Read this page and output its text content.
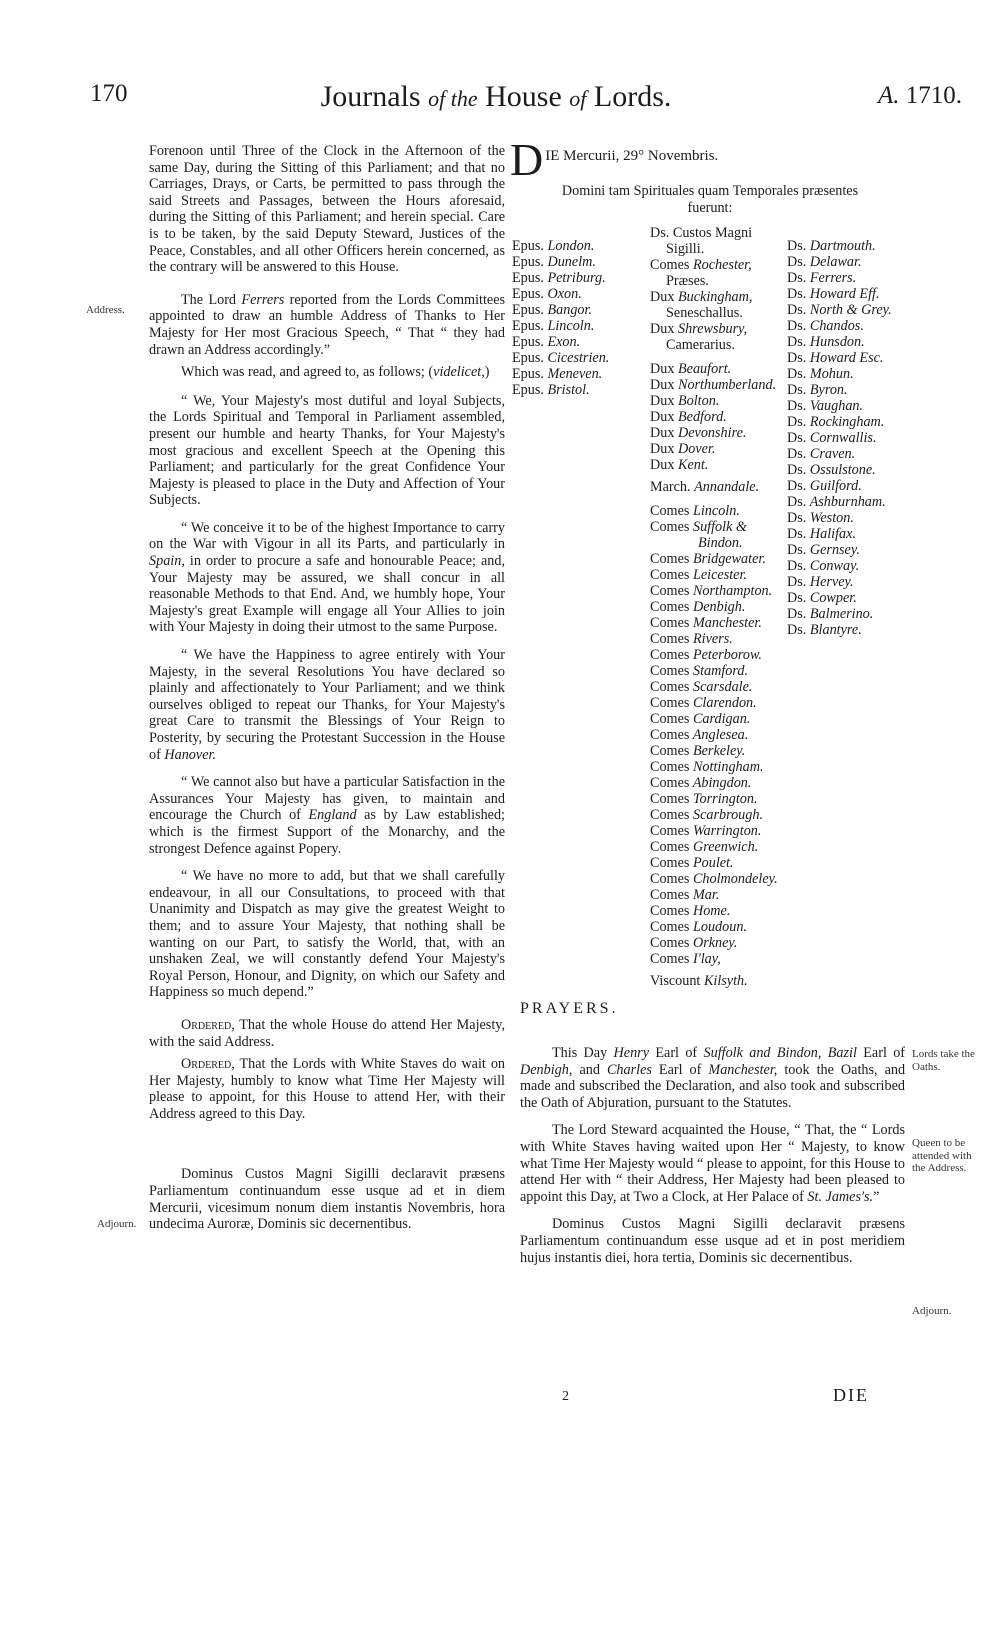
170	Journals of the House of Lords.	A. 1710.
Address.
Adjourn.

Forenoon until Three of the Clock in the Afternoon of the same Day, during the Sitting of this Parliament; and that no Carriages, Drays, or Carts, be permitted to pass through the said Streets and Passages, between the Hours aforesaid, during the Sitting of this Parliament; and herein special. Care is to be taken, by the said Deputy Steward, Justices of the Peace, Constables, and all other Officers herein concerned, as the contrary will be answered to this House.

The Lord Ferrers reported from the Lords Committees appointed to draw an humble Address of Thanks to Her Majesty for Her most Gracious Speech, “ That “ they had drawn an Address accordingly.”

Which was read, and agreed to, as follows; (videlicet,)

“ We, Your Majesty's most dutiful and loyal Subjects, the Lords Spiritual and Temporal in Parliament assembled, present our humble and hearty Thanks, for Your Majesty's most gracious and excellent Speech at the Opening this Parliament; and particularly for the great Confidence Your Majesty is pleased to place in the Duty and Affection of Your Subjects.

“ We conceive it to be of the highest Importance to carry on the War with Vigour in all its Parts, and particularly in Spain, in order to procure a safe and honourable Peace; and, Your Majesty may be assured, we shall concur in all reasonable Methods to that End. And, we humbly hope, Your Majesty's great Example will engage all Your Allies to join with Your Majesty in doing their utmost to the same Purpose.

“ We have the Happiness to agree entirely with Your Majesty, in the several Resolutions You have declared so plainly and affectionately to Your Parliament; and we think ourselves obliged to repeat our Thanks, for Your Majesty's great Care to transmit the Blessings of Your Reign to Posterity, by securing the Protestant Succession in the House of Hanover.

“ We cannot also but have a particular Satisfaction in the Assurances Your Majesty has given, to maintain and encourage the Church of England as by Law established; which is the firmest Support of the Monarchy, and the strongest Defence against Popery.

“ We have no more to add, but that we shall carefully endeavour, in all our Consultations, to proceed with that Unanimity and Dispatch as may give the greatest Weight to them; and to assure Your Majesty, that nothing shall be wanting on our Part, to satisfy the World, that, with an unshaken Zeal, we will constantly defend Your Majesty's Royal Person, Honour, and Dignity, on which our Safety and Happiness so much depend.”

Ordered, That the whole House do attend Her Majesty, with the said Address.

Ordered, That the Lords with White Staves do wait on Her Majesty, humbly to know what Time Her Majesty will please to appoint, for this House to attend Her, with their Address agreed to this Day.

Dominus Custos Magni Sigilli declaravit præsens Parliamentum continuandum esse usque ad et in diem Mercurii, vicesimum nonum diem instantis Novembris, hora undecima Auroræ, Dominis sic decernentibus.

D IE Mercurii, 29° Novembris.
Domini tam Spirituales quam Temporales præsentes
fuerunt:
Epus. London.
Epus. Dunelm.
Epus. Petriburg.
Epus. Oxon.
Epus. Bangor.
Epus. Lincoln.
Epus. Exon.
Epus. Cicestrien.
Epus. Meneven.
Epus. Bristol.
Ds. Custos Magni
Sigilli.
Comes Rochester,
Præses.
Dux Buckingham,
Seneschallus.
Dux Shrewsbury,
Camerarius.
Dux Beaufort.
Dux Northumberland.
Dux Bolton.
Dux Bedford.
Dux Devonshire.
Dux Dover.
Dux Kent.
March. Annandale.
Comes Lincoln.
Comes Suffolk &
Bindon.
Comes Bridgewater.
Comes Leicester.
Comes Northampton.
Comes Denbigh.
Comes Manchester.
Comes Rivers.
Comes Peterborow.
Comes Stamford.
Comes Scarsdale.
Comes Clarendon.
Comes Cardigan.
Comes Anglesea.
Comes Berkeley.
Comes Nottingham.
Comes Abingdon.
Comes Torrington.
Comes Scarbrough.
Comes Warrington.
Comes Greenwich.
Comes Poulet.
Comes Cholmondeley.
Comes Mar.
Comes Home.
Comes Loudoun.
Comes Orkney.
Comes I'lay,
Viscount Kilsyth.
Ds. Dartmouth.
Ds. Delawar.
Ds. Ferrers.
Ds. Howard Eff.
Ds. North & Grey.
Ds. Chandos.
Ds. Hunsdon.
Ds. Howard Esc.
Ds. Mohun.
Ds. Byron.
Ds. Vaughan.
Ds. Rockingham.
Ds. Cornwallis.
Ds. Craven.
Ds. Ossulstone.
Ds. Guilford.
Ds. Ashburnham.
Ds. Weston.
Ds. Halifax.
Ds. Gernsey.
Ds. Conway.
Ds. Hervey.
Ds. Cowper.
Ds. Balmerino.
Ds. Blantyre.
PRAYERS.
Lords take the Oaths.
Queen to be attended with the Address.
Adjourn.

This Day Henry Earl of Suffolk and Bindon, Bazil Earl of Denbigh, and Charles Earl of Manchester, took the Oaths, and made and subscribed the Declaration, and also took and subscribed the Oath of Abjuration, pursuant to the Statutes.

The Lord Steward acquainted the House, “ That, the “ Lords with White Staves having waited upon Her “ Majesty, to know what Time Her Majesty would “ please to appoint, for this House to attend Her with “ their Address, Her Majesty had been pleased to appoint this Day, at Two a Clock, at Her Palace of St. James's.”

Dominus Custos Magni Sigilli declaravit præsens Parliamentum continuandum esse usque ad et in post meridiem hujus instantis diei, hora tertia, Dominis sic decernentibus.

2	DIE
